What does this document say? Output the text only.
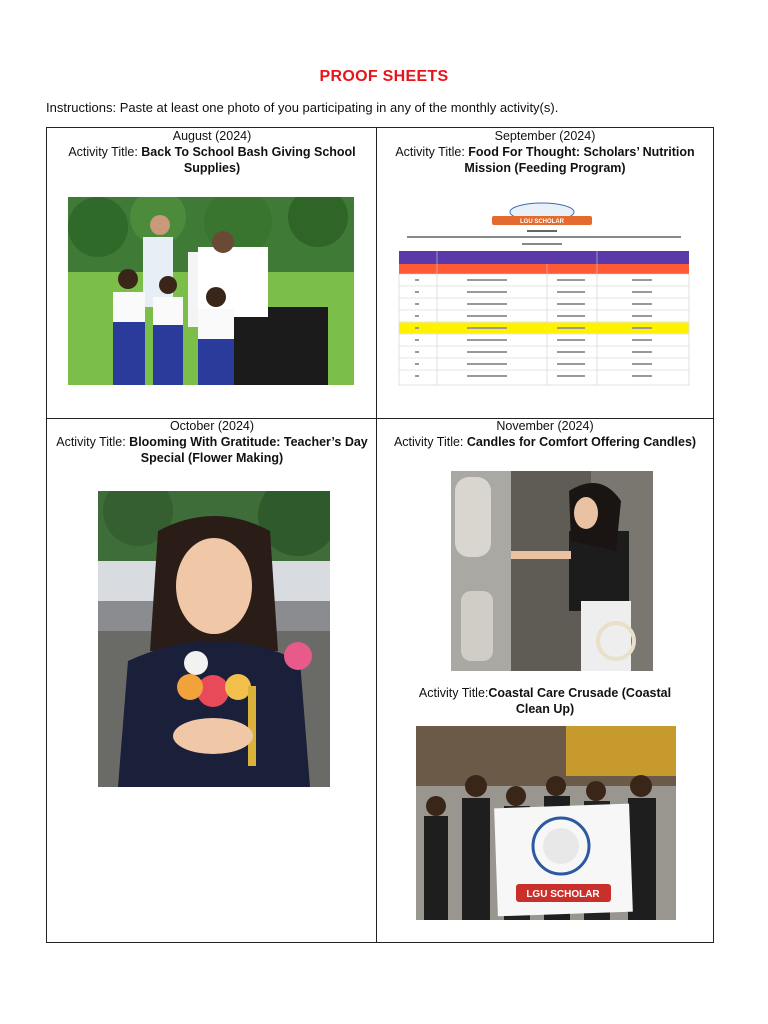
PROOF SHEETS
Instructions: Paste at least one photo of you participating in any of the monthly activity(s).
August (2024)
Activity Title: Back To School Bash Giving School Supplies)
September (2024)
Activity Title: Food For Thought: Scholars’ Nutrition Mission (Feeding Program)
LGU SCHOLAR
October (2024)
Activity Title: Blooming With Gratitude: Teacher’s Day Special (Flower Making)
November (2024)
Activity Title: Candles for Comfort Offering Candles)
Activity Title:Coastal Care Crusade (Coastal Clean Up)
LGU SCHOLAR
